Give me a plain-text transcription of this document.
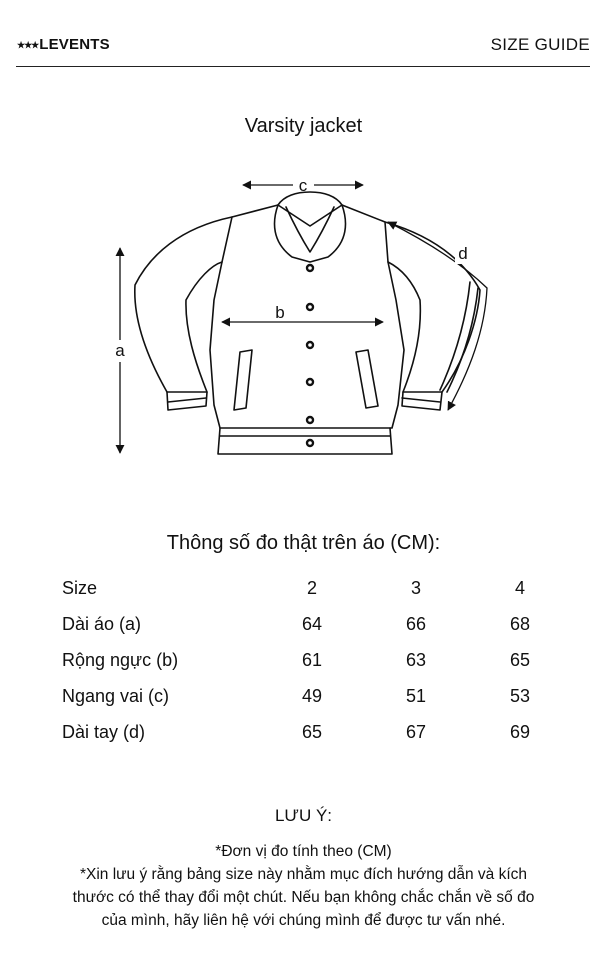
★★★LEVENTS	SIZE GUIDE
Varsity jacket
c
a
b
d
Thông số đo thật trên áo (CM):
Size	2	3	4
Dài áo (a)	64	66	68
Rộng ngực (b)	61	63	65
Ngang vai (c)	49	51	53
Dài tay (d)	65	67	69
LƯU Ý:
*Đơn vị đo tính theo (CM)
*Xin lưu ý rằng bảng size này nhằm mục đích hướng dẫn và kích
thước có thể thay đổi một chút. Nếu bạn không chắc chắn về số đo
của mình, hãy liên hệ với chúng mình để được tư vấn nhé.
